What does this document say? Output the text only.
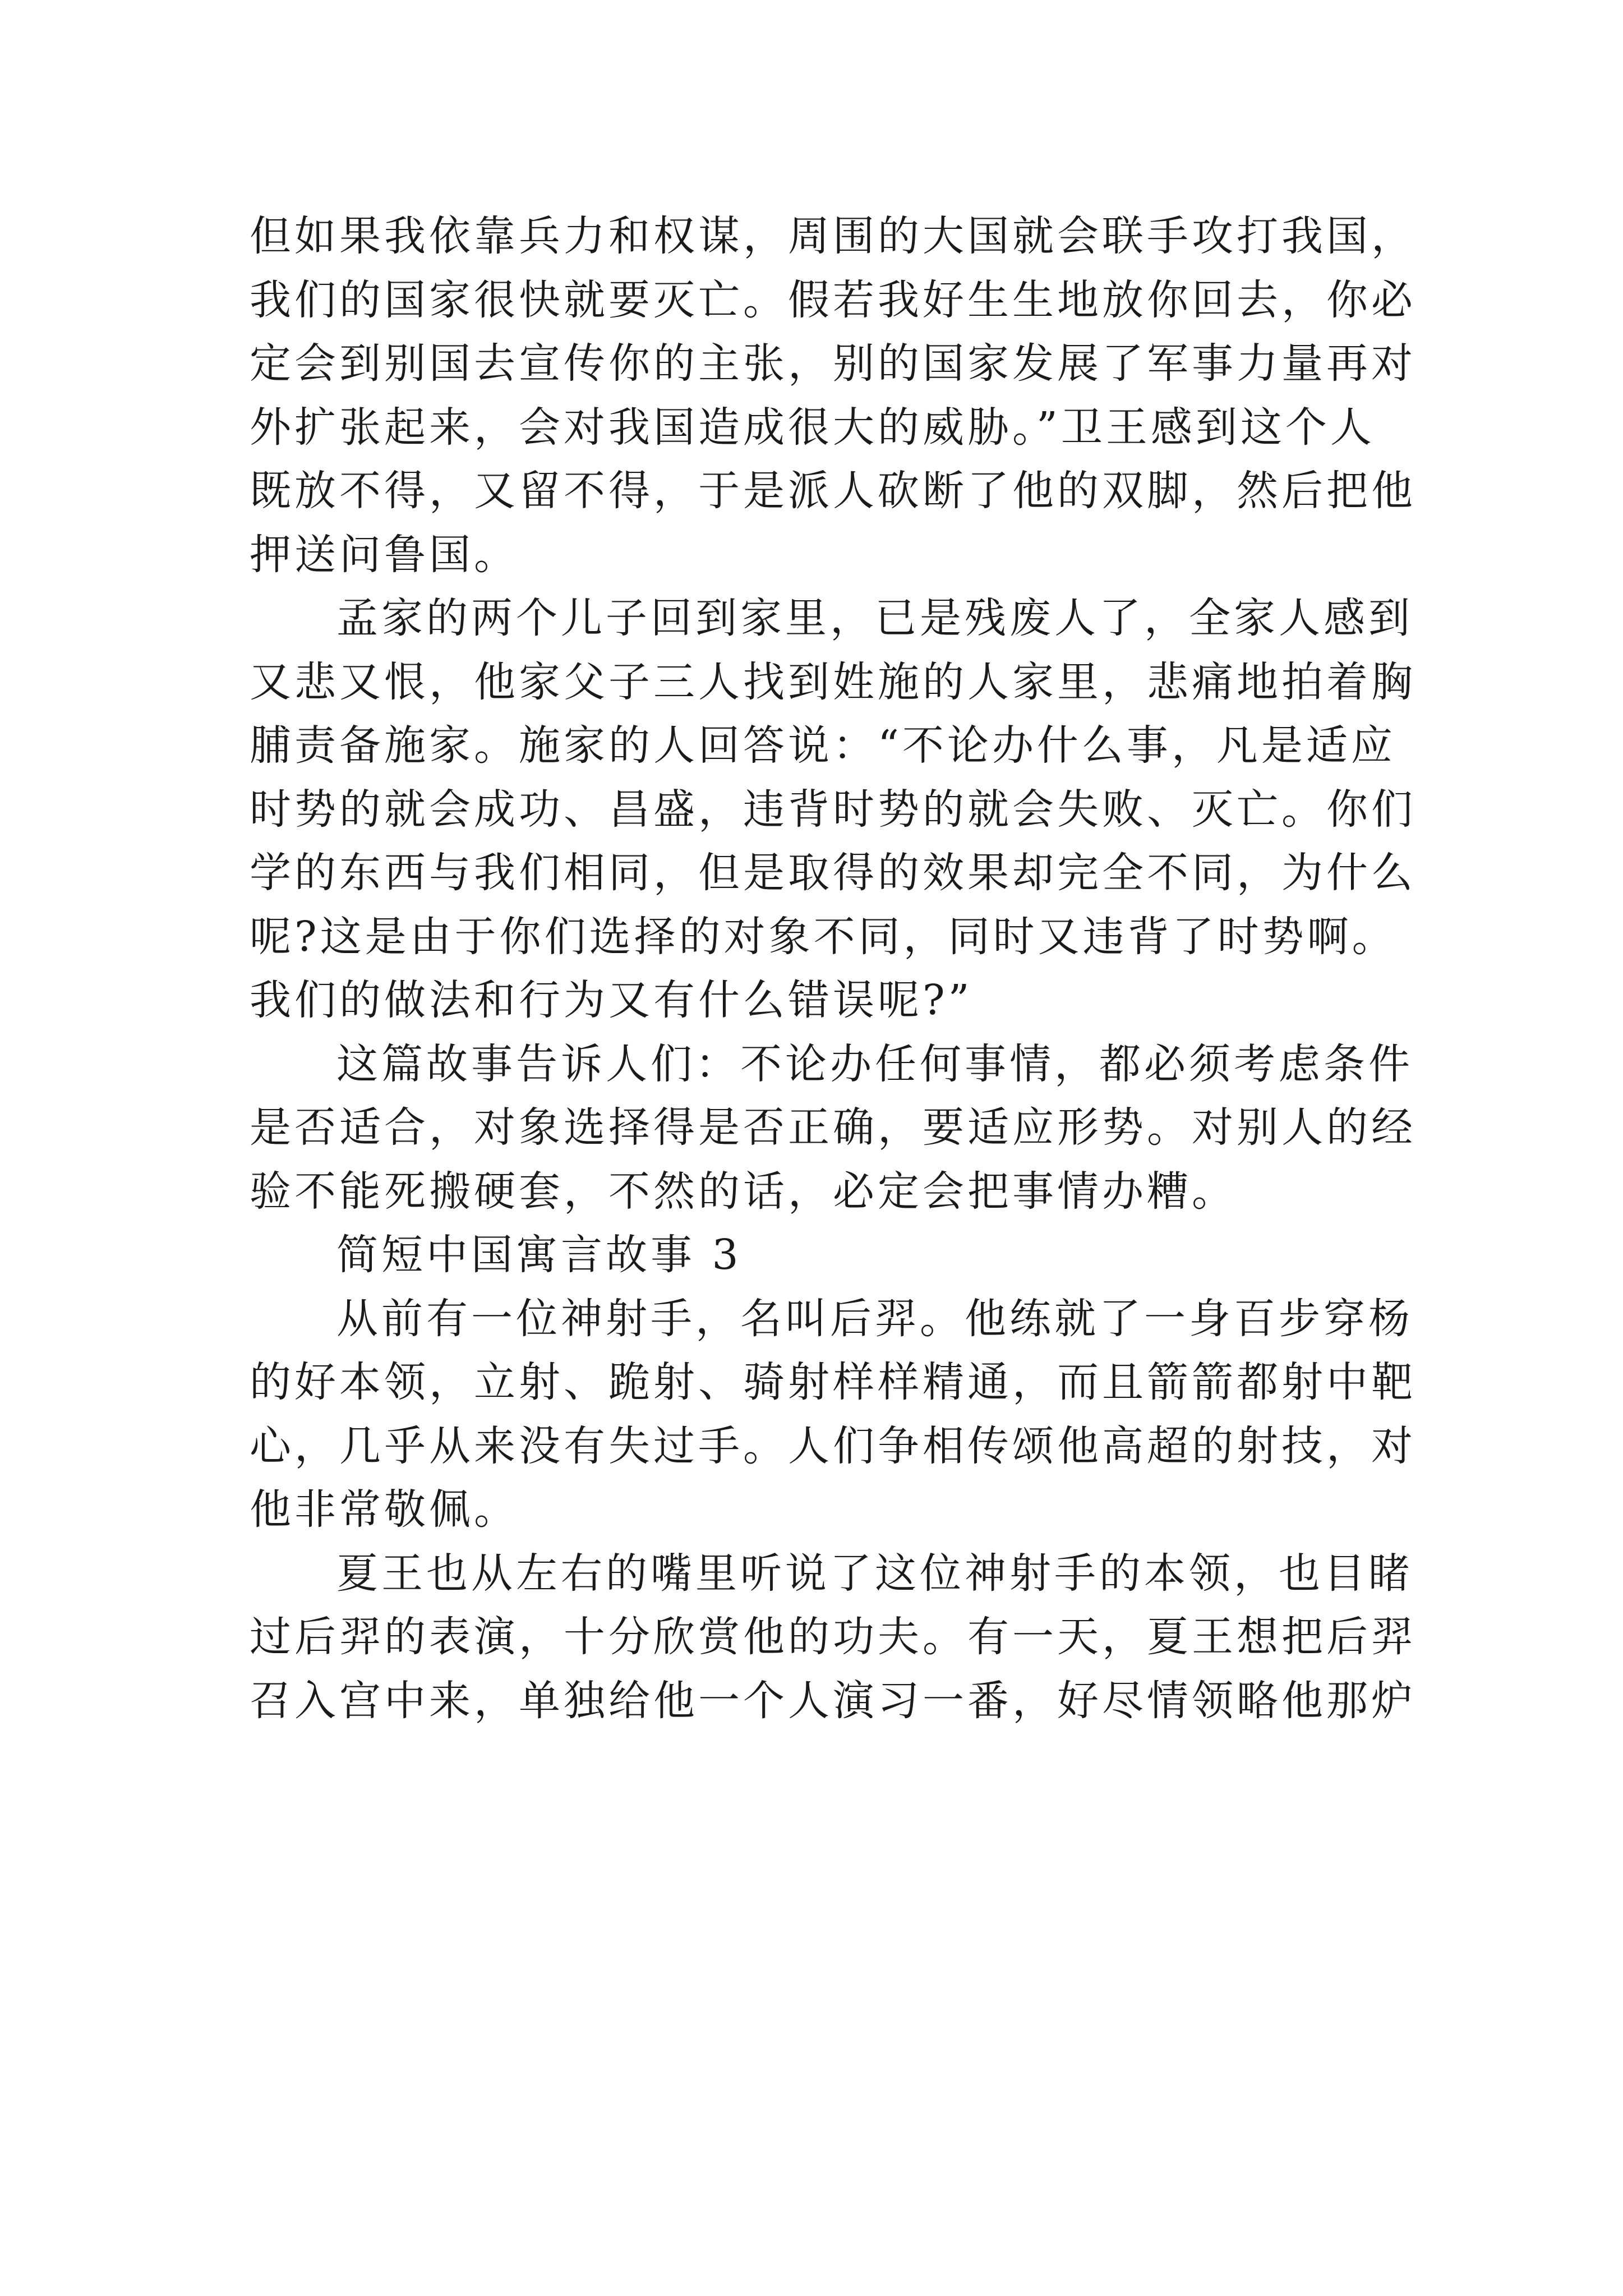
但如果我依靠兵力和权谋，周围的大国就会联手攻打我国，
我们的国家很快就要灭亡。假若我好生生地放你回去，你必
定会到别国去宣传你的主张，别的国家发展了军事力量再对
外扩张起来，会对我国造成很大的威胁。”卫王感到这个人
既放不得，又留不得，于是派人砍断了他的双脚，然后把他
押送问鲁国。
孟家的两个儿子回到家里，已是残废人了，全家人感到
又悲又恨，他家父子三人找到姓施的人家里，悲痛地拍着胸
脯责备施家。施家的人回答说：“不论办什么事，凡是适应
时势的就会成功、昌盛，违背时势的就会失败、灭亡。你们
学的东西与我们相同，但是取得的效果却完全不同，为什么
呢?这是由于你们选择的对象不同，同时又违背了时势啊。
我们的做法和行为又有什么错误呢?”
这篇故事告诉人们：不论办任何事情，都必须考虑条件
是否适合，对象选择得是否正确，要适应形势。对别人的经
验不能死搬硬套，不然的话，必定会把事情办糟。
简短中国寓言故事 3
从前有一位神射手，名叫后羿。他练就了一身百步穿杨
的好本领，立射、跪射、骑射样样精通，而且箭箭都射中靶
心，几乎从来没有失过手。人们争相传颂他高超的射技，对
他非常敬佩。
夏王也从左右的嘴里听说了这位神射手的本领，也目睹
过后羿的表演，十分欣赏他的功夫。有一天，夏王想把后羿
召入宫中来，单独给他一个人演习一番，好尽情领略他那炉
